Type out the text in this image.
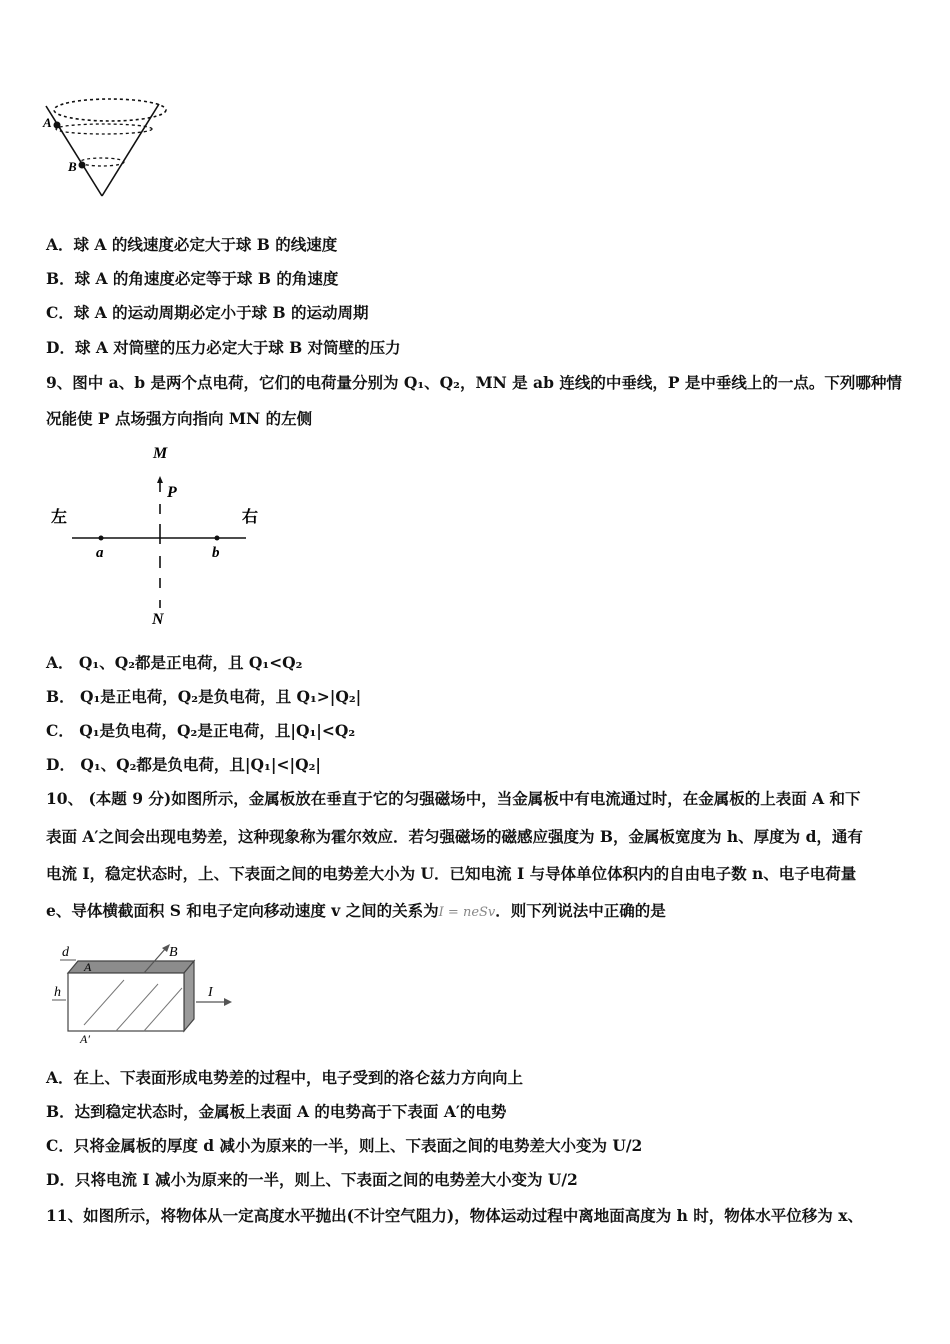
A
B
A．球 A 的线速度必定大于球 B 的线速度
B．球 A 的角速度必定等于球 B 的角速度
C．球 A 的运动周期必定小于球 B 的运动周期
D．球 A 对筒壁的压力必定大于球 B 对筒壁的压力
9、图中 a、b 是两个点电荷，它们的电荷量分别为 Q₁、Q₂，MN 是 ab 连线的中垂线，P 是中垂线上的一点。下列哪种情
况能使 P 点场强方向指向 MN 的左侧
M
P
左	右
a	b
N
A． Q₁、Q₂都是正电荷，且 Q₁<Q₂
B． Q₁是正电荷，Q₂是负电荷，且 Q₁>|Q₂|
C． Q₁是负电荷，Q₂是正电荷，且|Q₁|<Q₂
D． Q₁、Q₂都是负电荷，且|Q₁|<|Q₂|
10、 (本题 9 分)如图所示，金属板放在垂直于它的匀强磁场中，当金属板中有电流通过时，在金属板的上表面 A 和下
表面 A′之间会出现电势差，这种现象称为霍尔效应．若匀强磁场的磁感应强度为 B，金属板宽度为 h、厚度为 d，通有
电流 I，稳定状态时，上、下表面之间的电势差大小为 U．已知电流 I 与导体单位体积内的自由电子数 n、电子电荷量
e、导体横截面积 S 和电子定向移动速度 v 之间的关系为I = neSv．则下列说法中正确的是
d	B
A
h	I
A′
A．在上、下表面形成电势差的过程中，电子受到的洛仑兹力方向向上
B．达到稳定状态时，金属板上表面 A 的电势高于下表面 A′的电势
C．只将金属板的厚度 d 减小为原来的一半，则上、下表面之间的电势差大小变为 U/2
D．只将电流 I 减小为原来的一半，则上、下表面之间的电势差大小变为 U/2
11、如图所示，将物体从一定高度水平抛出(不计空气阻力)，物体运动过程中离地面高度为 h 时，物体水平位移为 x、
